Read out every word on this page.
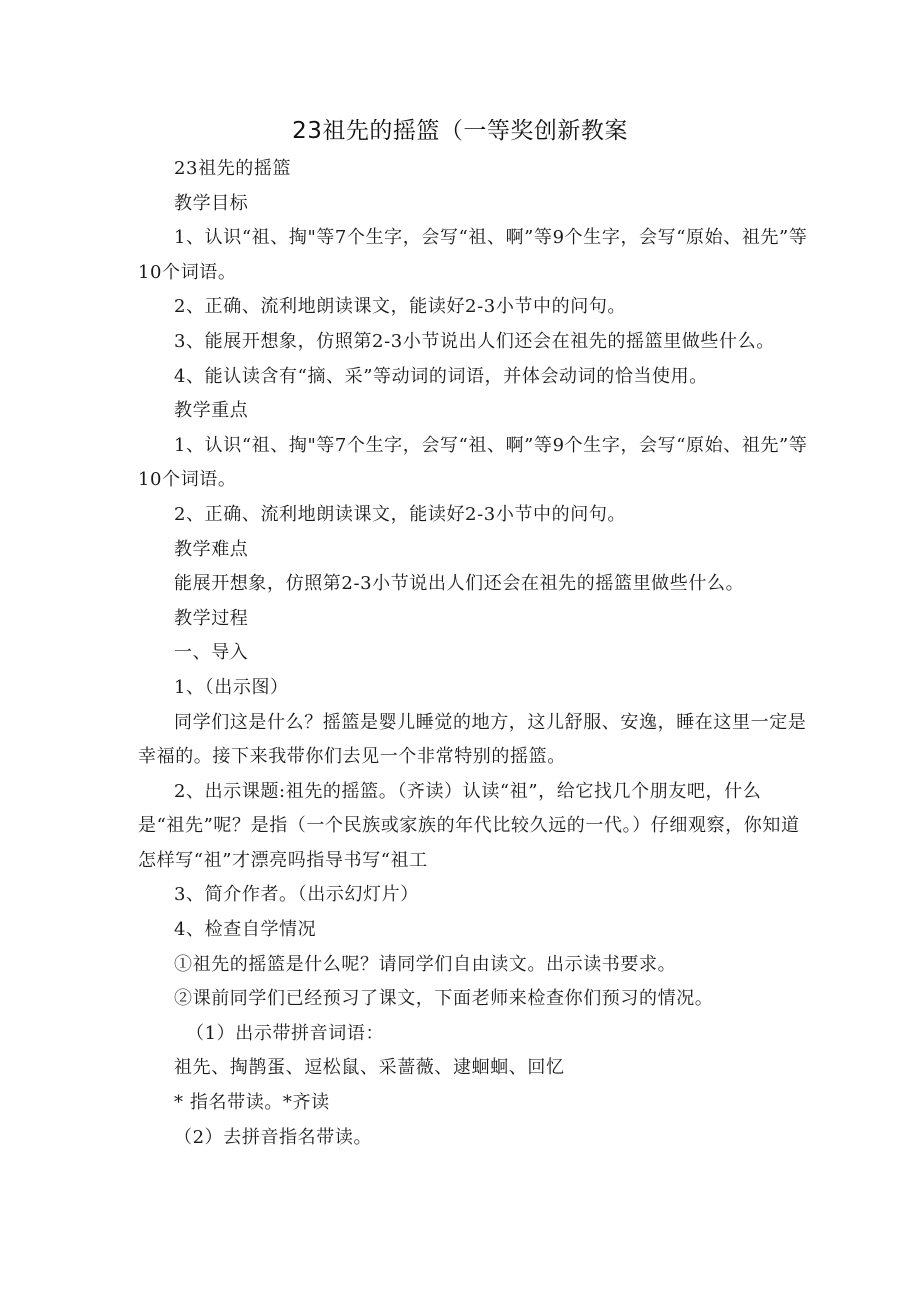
23祖先的摇篮（一等奖创新教案

23祖先的摇篮

教学目标

1、认识“祖、掏"等7个生字，会写“祖、啊”等9个生字，会写“原始、祖先”等10个词语。

2、正确、流利地朗读课文，能读好2-3小节中的问句。

3、能展开想象，仿照第2-3小节说出人们还会在祖先的摇篮里做些什么。

4、能认读含有“摘、采”等动词的词语，并体会动词的恰当使用。

教学重点

1、认识“祖、掏"等7个生字，会写“祖、啊”等9个生字，会写“原始、祖先”等10个词语。

2、正确、流利地朗读课文，能读好2-3小节中的问句。

教学难点

能展开想象，仿照第2-3小节说出人们还会在祖先的摇篮里做些什么。

教学过程

一、导入

1、（出示图）

同学们这是什么？摇篮是婴儿睡觉的地方，这儿舒服、安逸，睡在这里一定是幸福的。接下来我带你们去见一个非常特别的摇篮。

2、出示课题:祖先的摇篮。（齐读）认读“祖”，给它找几个朋友吧，什么是“祖先”呢？是指（一个民族或家族的年代比较久远的一代。）仔细观察，你知道怎样写“祖”才漂亮吗指导书写“祖工

3、简介作者。（出示幻灯片）

4、检查自学情况

①祖先的摇篮是什么呢？请同学们自由读文。出示读书要求。

②课前同学们已经预习了课文，下面老师来检查你们预习的情况。

（1）出示带拼音词语：

祖先、掏鹊蛋、逗松鼠、采蔷薇、逮蛔蛔、回忆

* 指名带读。*齐读

（2）去拼音指名带读。
